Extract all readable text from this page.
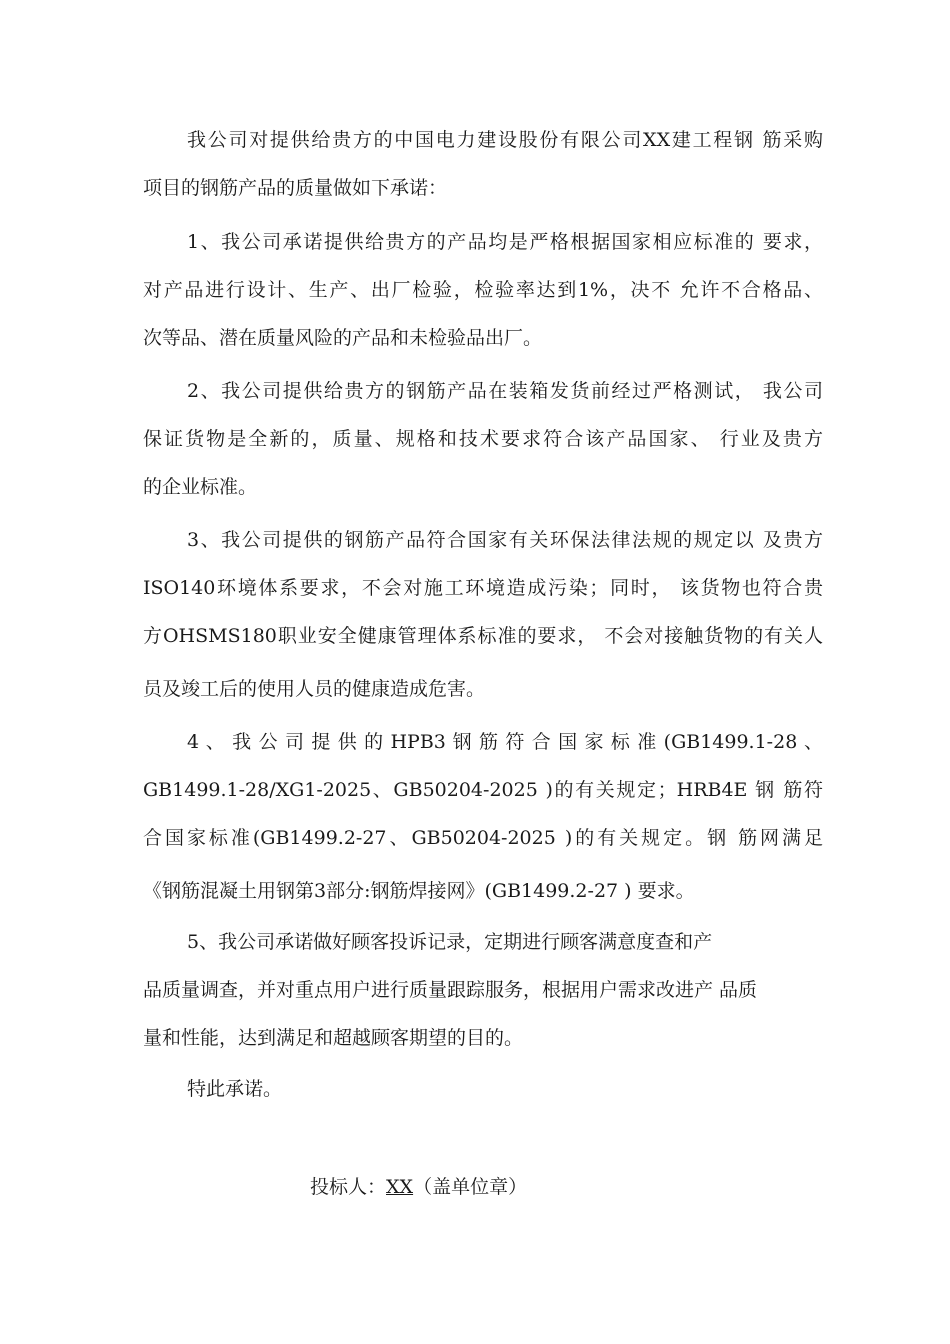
我公司对提供给贵方的中国电力建设股份有限公司XX建工程钢 筋采购
项目的钢筋产品的质量做如下承诺：
1、我公司承诺提供给贵方的产品均是严格根据国家相应标准的 要求，
对产品进行设计、生产、出厂检验，检验率达到1%，决不 允许不合格品、
次等品、潜在质量风险的产品和未检验品出厂。
2、我公司提供给贵方的钢筋产品在装箱发货前经过严格测试， 我公司
保证货物是全新的，质量、规格和技术要求符合该产品国家、 行业及贵方
的企业标准。
3、我公司提供的钢筋产品符合国家有关环保法律法规的规定以 及贵方
ISO140环境体系要求，不会对施工环境造成污染；同时， 该货物也符合贵
方OHSMS180职业安全健康管理体系标准的要求， 不会对接触货物的有关人
员及竣工后的使用人员的健康造成危害。
4 、 我 公 司 提 供 的 HPB3 钢 筋 符 合 国 家 标 准 (GB1499.1-28 、
GB1499.1-28/XG1-2025、GB50204-2025 )的有关规定；HRB4E 钢 筋符
合国家标准(GB1499.2-27、GB50204-2025 )的有关规定。钢 筋网满足
《钢筋混凝土用钢第3部分:钢筋焊接网》(GB1499.2-27 ) 要求。
5、我公司承诺做好顾客投诉记录，定期进行顾客满意度查和产
品质量调查，并对重点用户进行质量跟踪服务，根据用户需求改进产 品质
量和性能，达到满足和超越顾客期望的目的。
特此承诺。
投标人：XX（盖单位章）
